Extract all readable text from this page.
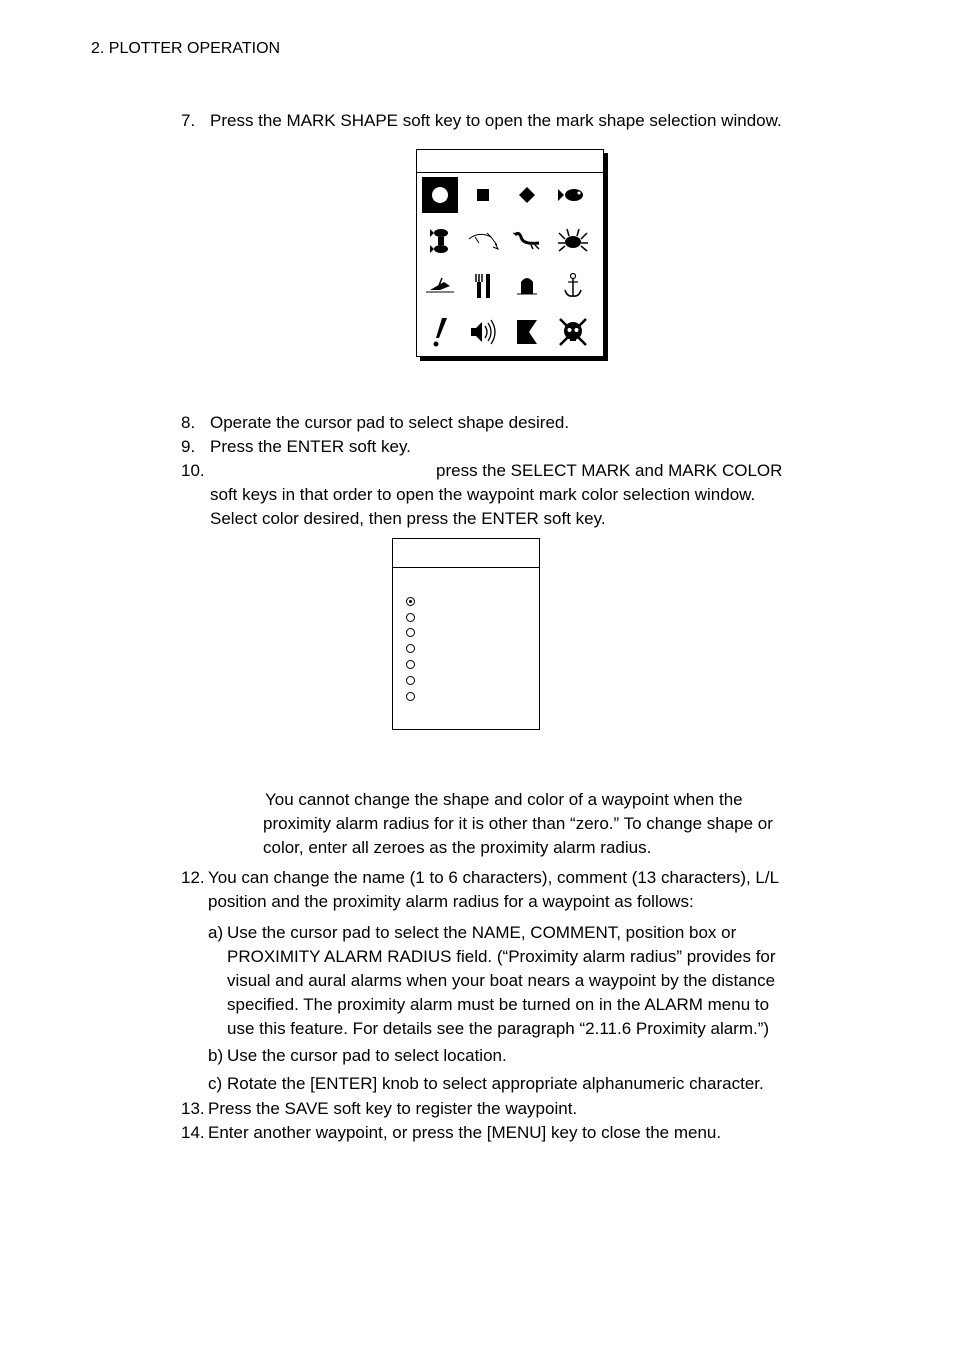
2. PLOTTER OPERATION
7. Press the MARK SHAPE soft key to open the mark shape selection window.
8. Operate the cursor pad to select shape desired.
9. Press the ENTER soft key.
10.	press the SELECT MARK and MARK COLOR
soft keys in that order to open the waypoint mark color selection window.
Select color desired, then press the ENTER soft key.
You cannot change the shape and color of a waypoint when the
proximity alarm radius for it is other than “zero.” To change shape or
color, enter all zeroes as the proximity alarm radius.
12. You can change the name (1 to 6 characters), comment (13 characters), L/L
position and the proximity alarm radius for a waypoint as follows:
a) Use the cursor pad to select the NAME, COMMENT, position box or
PROXIMITY ALARM RADIUS field. (“Proximity alarm radius” provides for
visual and aural alarms when your boat nears a waypoint by the distance
specified. The proximity alarm must be turned on in the ALARM menu to
use this feature. For details see the paragraph “2.11.6 Proximity alarm.”)
b) Use the cursor pad to select location.
c) Rotate the [ENTER] knob to select appropriate alphanumeric character.
13. Press the SAVE soft key to register the waypoint.
14. Enter another waypoint, or press the [MENU] key to close the menu.
